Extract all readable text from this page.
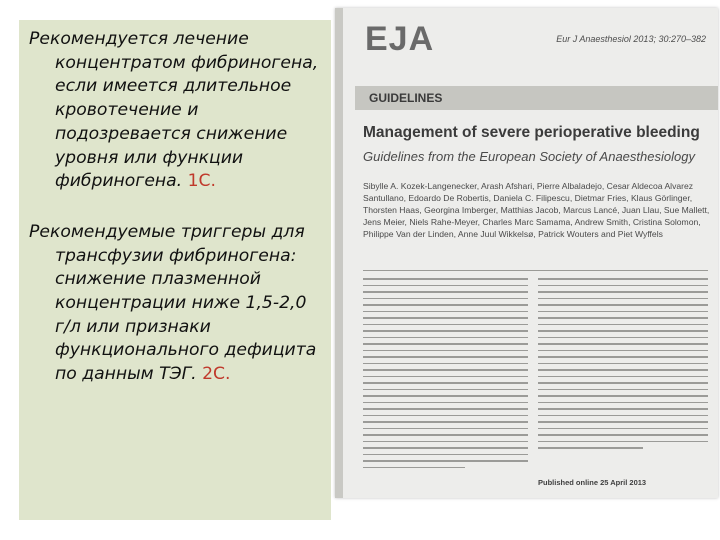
Рекомендуется лечение концентратом фибриногена, если имеется длительное кровотечение и подозревается снижение уровня или функции фибриногена. 1C.

Рекомендуемые триггеры для трансфузии фибриногена: снижение плазменной концентрации ниже 1,5-2,0 г/л или признаки функционального дефицита по данным ТЭГ. 2C.

EJA	Eur J Anaesthesiol 2013; 30:270–382
GUIDELINES
Management of severe perioperative bleeding
Guidelines from the European Society of Anaesthesiology

Sibylle A. Kozek-Langenecker, Arash Afshari, Pierre Albaladejo, Cesar Aldecoa Alvarez Santullano, Edoardo De Robertis, Daniela C. Filipescu, Dietmar Fries, Klaus Görlinger, Thorsten Haas, Georgina Imberger, Matthias Jacob, Marcus Lancé, Juan Llau, Sue Mallett, Jens Meier, Niels Rahe-Meyer, Charles Marc Samama, Andrew Smith, Cristina Solomon, Philippe Van der Linden, Anne Juul Wikkelsø, Patrick Wouters and Piet Wyffels

Published online 25 April 2013
